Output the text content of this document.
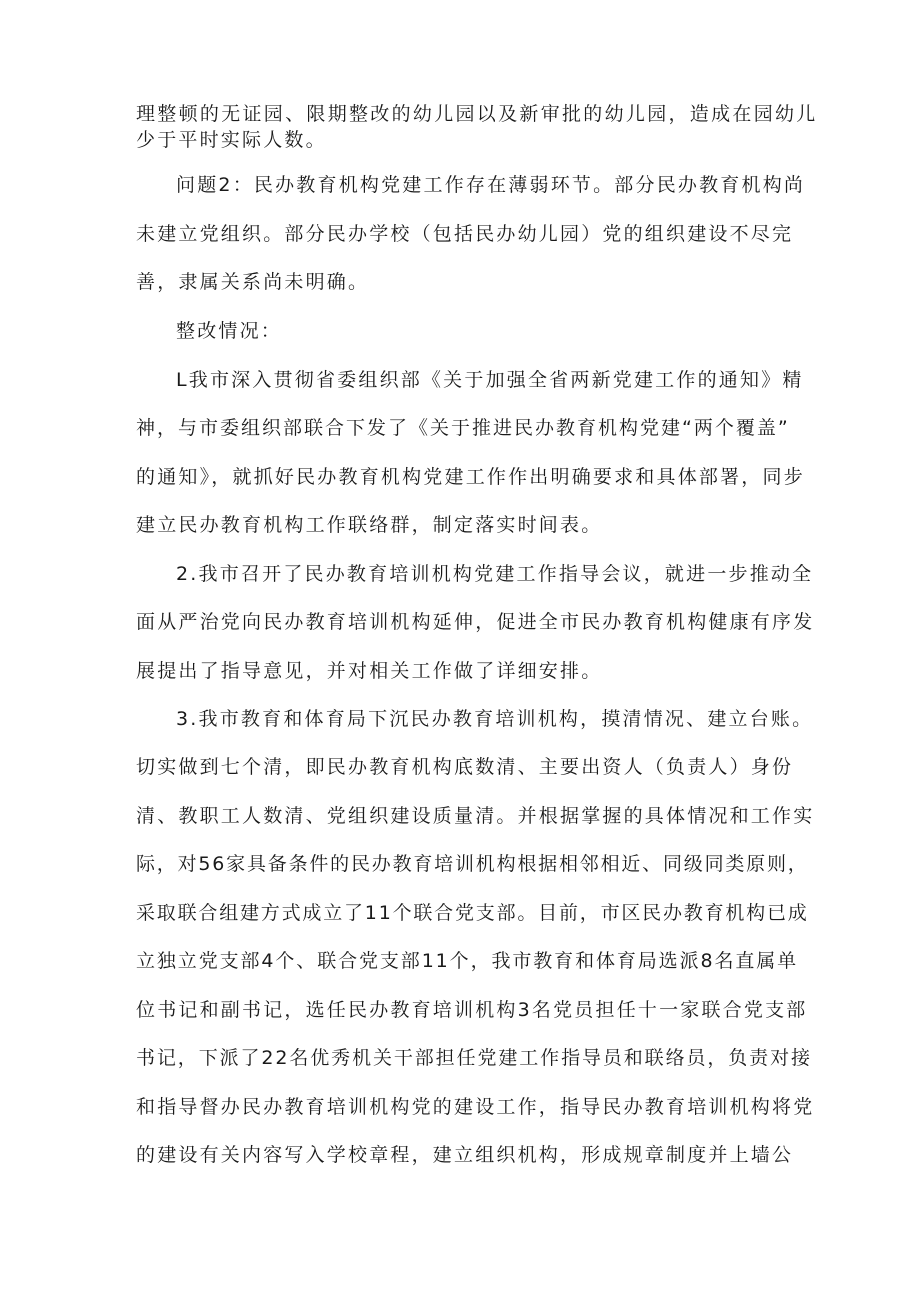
理整顿的无证园、限期整改的幼儿园以及新审批的幼儿园，造成在园幼儿
少于平时实际人数。
问题2：民办教育机构党建工作存在薄弱环节。部分民办教育机构尚
未建立党组织。部分民办学校（包括民办幼儿园）党的组织建设不尽完
善，隶属关系尚未明确。
整改情况：
L我市深入贯彻省委组织部《关于加强全省两新党建工作的通知》精
神，与市委组织部联合下发了《关于推进民办教育机构党建“两个覆盖”
的通知》，就抓好民办教育机构党建工作作出明确要求和具体部署，同步
建立民办教育机构工作联络群，制定落实时间表。
2.我市召开了民办教育培训机构党建工作指导会议，就进一步推动全
面从严治党向民办教育培训机构延伸，促进全市民办教育机构健康有序发
展提出了指导意见，并对相关工作做了详细安排。
3.我市教育和体育局下沉民办教育培训机构，摸清情况、建立台账。
切实做到七个清，即民办教育机构底数清、主要出资人（负责人）身份
清、教职工人数清、党组织建设质量清。并根据掌握的具体情况和工作实
际，对56家具备条件的民办教育培训机构根据相邻相近、同级同类原则，
采取联合组建方式成立了11个联合党支部。目前，市区民办教育机构已成
立独立党支部4个、联合党支部11个，我市教育和体育局选派8名直属单
位书记和副书记，选任民办教育培训机构3名党员担任十一家联合党支部
书记，下派了22名优秀机关干部担任党建工作指导员和联络员，负责对接
和指导督办民办教育培训机构党的建设工作，指导民办教育培训机构将党
的建设有关内容写入学校章程，建立组织机构，形成规章制度并上墙公
